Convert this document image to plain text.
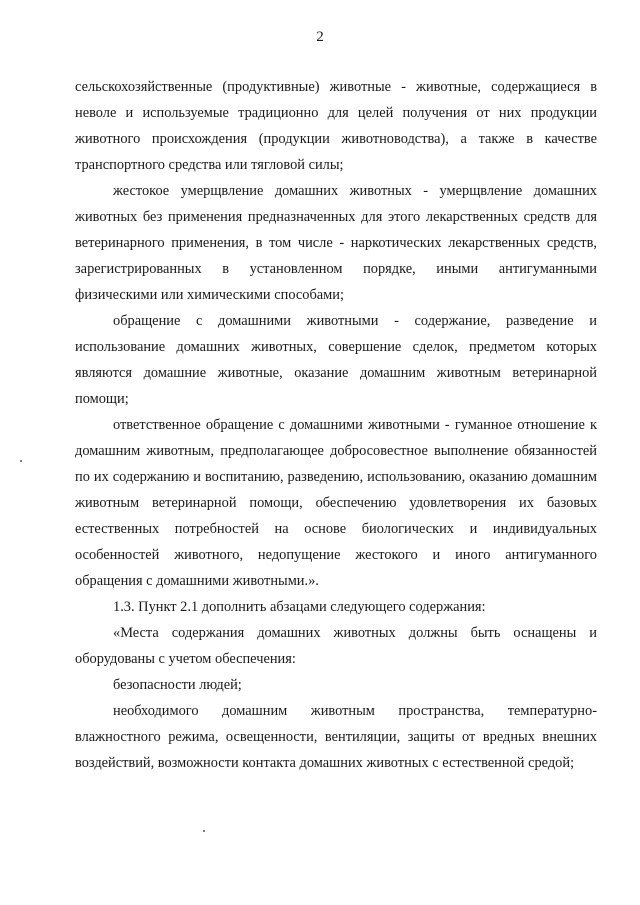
2

сельскохозяйственные (продуктивные) животные - животные, содержащиеся в неволе и используемые традиционно для целей получения от них продукции животного происхождения (продукции животноводства), а также в качестве транспортного средства или тягловой силы;

жестокое умерщвление домашних животных - умерщвление домашних животных без применения предназначенных для этого лекарственных средств для ветеринарного применения, в том числе - наркотических лекарственных средств, зарегистрированных в установленном порядке, иными антигуманными физическими или химическими способами;

обращение с домашними животными - содержание, разведение и использование домашних животных, совершение сделок, предметом которых являются домашние животные, оказание домашним животным ветеринарной помощи;

ответственное обращение с домашними животными - гуманное отношение к домашним животным, предполагающее добросовестное выполнение обязанностей по их содержанию и воспитанию, разведению, использованию, оказанию домашним животным ветеринарной помощи, обеспечению удовлетворения их базовых естественных потребностей на основе биологических и индивидуальных особенностей животного, недопущение жестокого и иного антигуманного обращения с домашними животными.».

1.3. Пункт 2.1 дополнить абзацами следующего содержания:

«Места содержания домашних животных должны быть оснащены и оборудованы с учетом обеспечения:

безопасности людей;

необходимого домашним животным пространства, температурно-влажностного режима, освещенности, вентиляции, защиты от вредных внешних воздействий, возможности контакта домашних животных с естественной средой;
